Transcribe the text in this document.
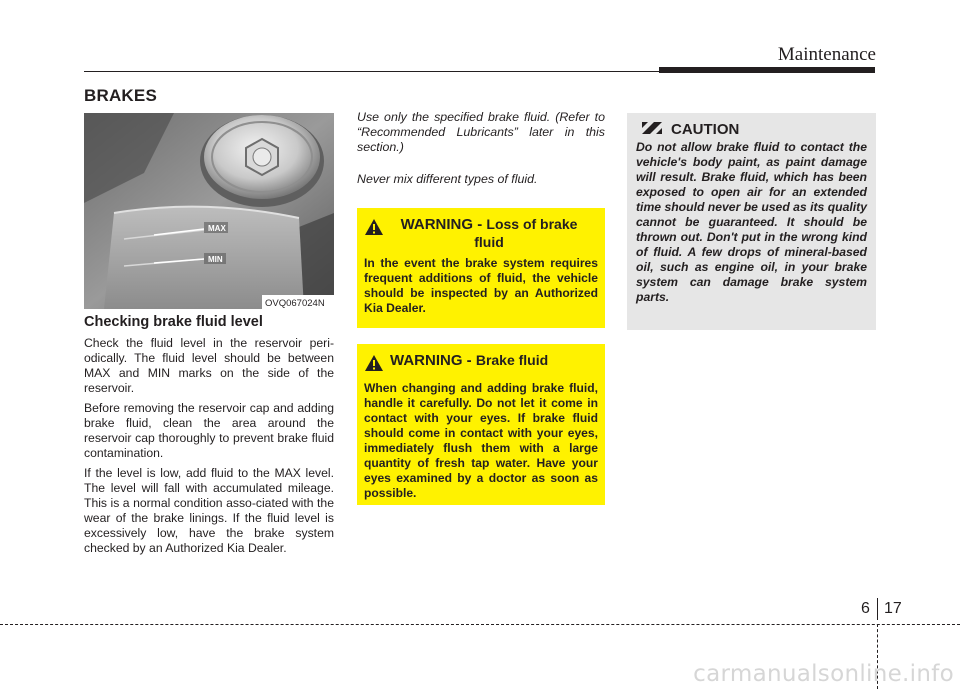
Maintenance
BRAKES
MAX
MIN
OVQ067024N
Checking brake fluid level

Check the fluid level in the reservoir peri-odically. The fluid level should be between MAX and MIN marks on the side of the reservoir.

Before removing the reservoir cap and adding brake fluid, clean the area around the reservoir cap thoroughly to prevent brake fluid contamination.

If the level is low, add fluid to the MAX level. The level will fall with accumulated mileage. This is a normal condition asso-ciated with the wear of the brake linings. If the fluid level is excessively low, have the brake system checked by an Authorized Kia Dealer.

Use only the specified brake fluid. (Refer to “Recommended Lubricants” later in this section.)

Never mix different types of fluid.

WARNING - Loss of brake fluid
In the event the brake system requires frequent additions of fluid, the vehicle should be inspected by an Authorized Kia Dealer.
WARNING - Brake fluid
When changing and adding brake fluid, handle it carefully. Do not let it come in contact with your eyes. If brake fluid should come in contact with your eyes, immediately flush them with a large quantity of fresh tap water. Have your eyes examined by a doctor as soon as possible.
CAUTION
Do not allow brake fluid to contact the vehicle's body paint, as paint damage will result. Brake fluid, which has been exposed to open air for an extended time should never be used as its quality cannot be guaranteed. It should be thrown out. Don't put in the wrong kind of fluid. A few drops of mineral-based oil, such as engine oil, in your brake system can damage brake system parts.
6 17
carmanualsonline.info
